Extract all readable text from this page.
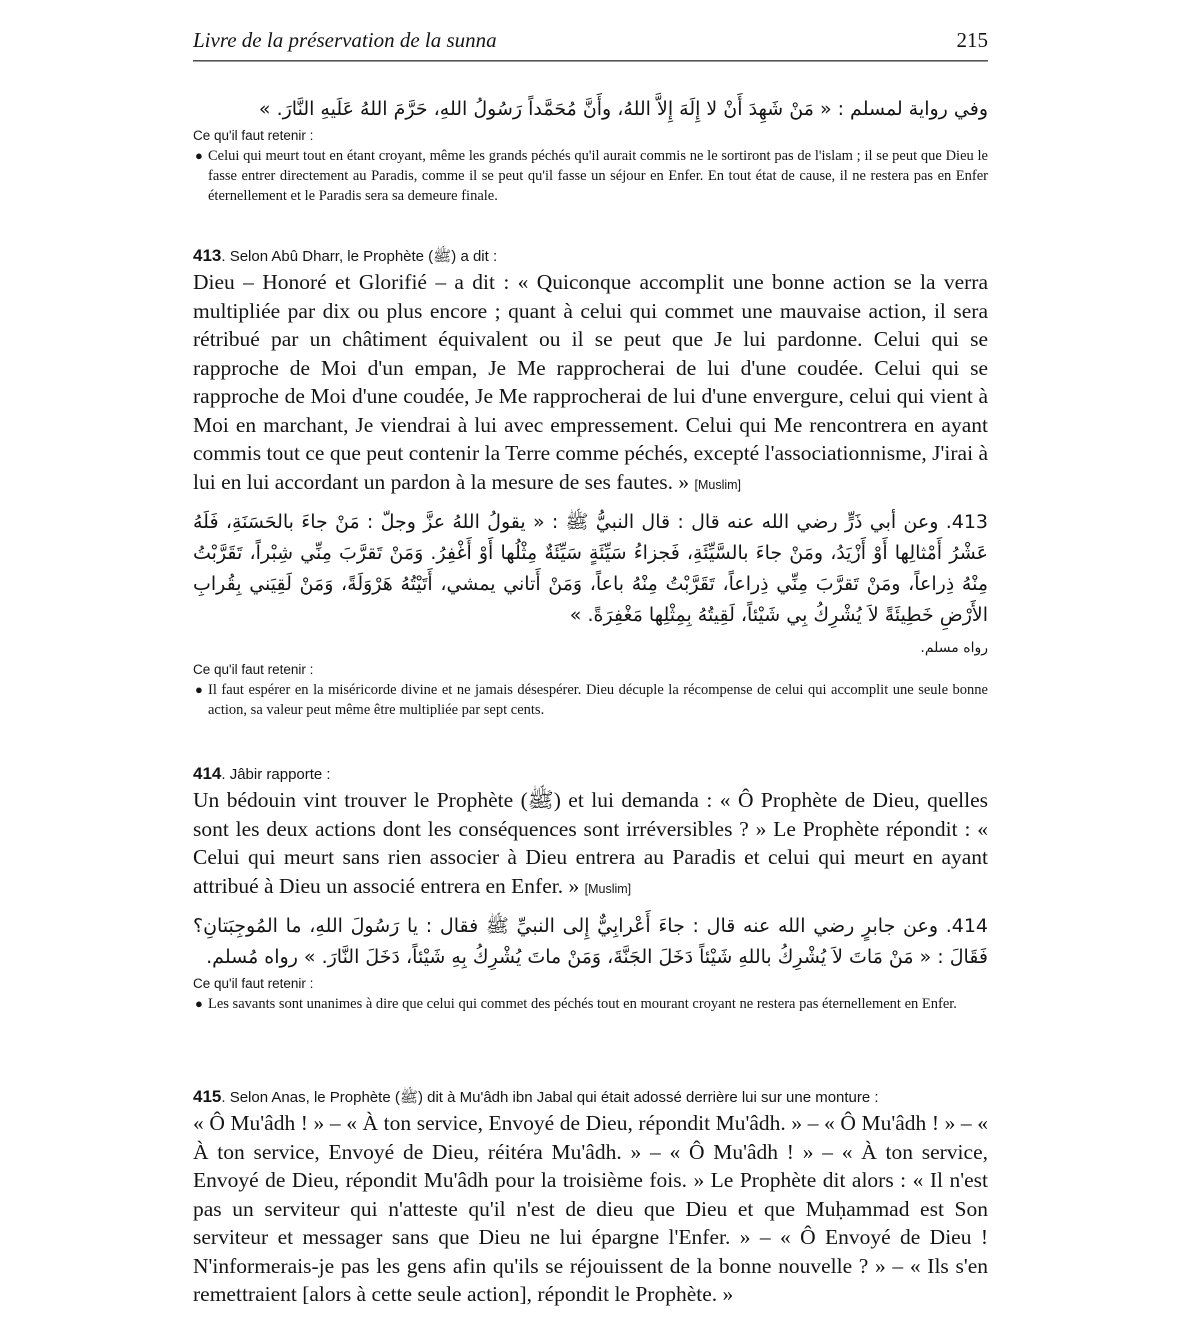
Livre de la préservation de la sunna	215
وفي رواية لمسلم : « مَنْ شَهِدَ أَنْ لا إِلَهَ إِلاَّ اللهُ، وأَنَّ مُحَمَّداً رَسُولُ اللهِ، حَرَّمَ اللهُ عَلَيهِ النَّارَ. »
Ce qu'il faut retenir :
● Celui qui meurt tout en étant croyant, même les grands péchés qu'il aurait commis ne le sortiront pas de l'islam ; il se peut que Dieu le fasse entrer directement au Paradis, comme il se peut qu'il fasse un séjour en Enfer. En tout état de cause, il ne restera pas en Enfer éternellement et le Paradis sera sa demeure finale.
413. Selon Abû Dharr, le Prophète (ﷺ) a dit :
Dieu – Honoré et Glorifié – a dit : « Quiconque accomplit une bonne action se la verra multipliée par dix ou plus encore ; quant à celui qui commet une mauvaise action, il sera rétribué par un châtiment équivalent ou il se peut que Je lui pardonne. Celui qui se rapproche de Moi d'un empan, Je Me rapprocherai de lui d'une coudée. Celui qui se rapproche de Moi d'une coudée, Je Me rapprocherai de lui d'une envergure, celui qui vient à Moi en marchant, Je viendrai à lui avec empressement. Celui qui Me rencontrera en ayant commis tout ce que peut contenir la Terre comme péchés, excepté l'associationnisme, J'irai à lui en lui accordant un pardon à la mesure de ses fautes. » [Muslim]
413. وعن أبي ذَرٍّ رضي الله عنه قال : قال النبيُّ ﷺ : « يقولُ اللهُ عزَّ وجلّ : مَنْ جاءَ بالحَسَنَةِ، فَلَهُ عَشْرُ أَمْثالِها أَوْ أَزْيَدُ، ومَنْ جاءَ بالسَّيِّئَةِ، فَجزاءُ سَيِّئَةٍ سَيِّئَةٌ مِثْلُها أَوْ أَغْفِرُ. وَمَنْ تَقرَّبَ مِنِّي شِبْراً، تَقَرَّبْتُ مِنْهُ ذِراعاً، ومَنْ تَقرَّبَ مِنِّي ذِراعاً، تَقَرَّبْتُ مِنْهُ باعاً، وَمَنْ أَتاني يمشي، أَتَيْتُهُ هَرْوَلَةً، وَمَنْ لَقِيَني بِقُرابِ الأَرْضِ خَطِيئَةً لاَ يُشْرِكُ بِي شَيْئاً، لَقِيتُهُ بِمِثْلِها مَغْفِرَةً. »
رواه مسلم.
Ce qu'il faut retenir :
● Il faut espérer en la miséricorde divine et ne jamais désespérer. Dieu décuple la récompense de celui qui accomplit une seule bonne action, sa valeur peut même être multipliée par sept cents.
414. Jâbir rapporte :
Un bédouin vint trouver le Prophète (ﷺ) et lui demanda : « Ô Prophète de Dieu, quelles sont les deux actions dont les conséquences sont irréversibles ? » Le Prophète répondit : « Celui qui meurt sans rien associer à Dieu entrera au Paradis et celui qui meurt en ayant attribué à Dieu un associé entrera en Enfer. » [Muslim]
414. وعن جابرٍ رضي الله عنه قال : جاءَ أَعْرابِيٌّ إِلى النبيِّ ﷺ فقال : يا رَسُولَ اللهِ، ما المُوجِبَتانِ؟ فَقَالَ : « مَنْ مَاتَ لاَ يُشْرِكُ باللهِ شَيْئاً دَخَلَ الجَنَّةَ، وَمَنْ ماتَ يُشْرِكُ بِهِ شَيْئاً، دَخَلَ النَّارَ. » رواه مُسلم.
Ce qu'il faut retenir :
● Les savants sont unanimes à dire que celui qui commet des péchés tout en mourant croyant ne restera pas éternellement en Enfer.
415. Selon Anas, le Prophète (ﷺ) dit à Mu'âdh ibn Jabal qui était adossé derrière lui sur une monture :
« Ô Mu'âdh ! » – « À ton service, Envoyé de Dieu, répondit Mu'âdh. » – « Ô Mu'âdh ! » – « À ton service, Envoyé de Dieu, réitéra Mu'âdh. » – « Ô Mu'âdh ! » – « À ton service, Envoyé de Dieu, répondit Mu'âdh pour la troisième fois. » Le Prophète dit alors : « Il n'est pas un serviteur qui n'atteste qu'il n'est de dieu que Dieu et que Muḥammad est Son serviteur et messager sans que Dieu ne lui épargne l'Enfer. » – « Ô Envoyé de Dieu ! N'informerais-je pas les gens afin qu'ils se réjouissent de la bonne nouvelle ? » – « Ils s'en remettraient [alors à cette seule action], répondit le Prophète. »
